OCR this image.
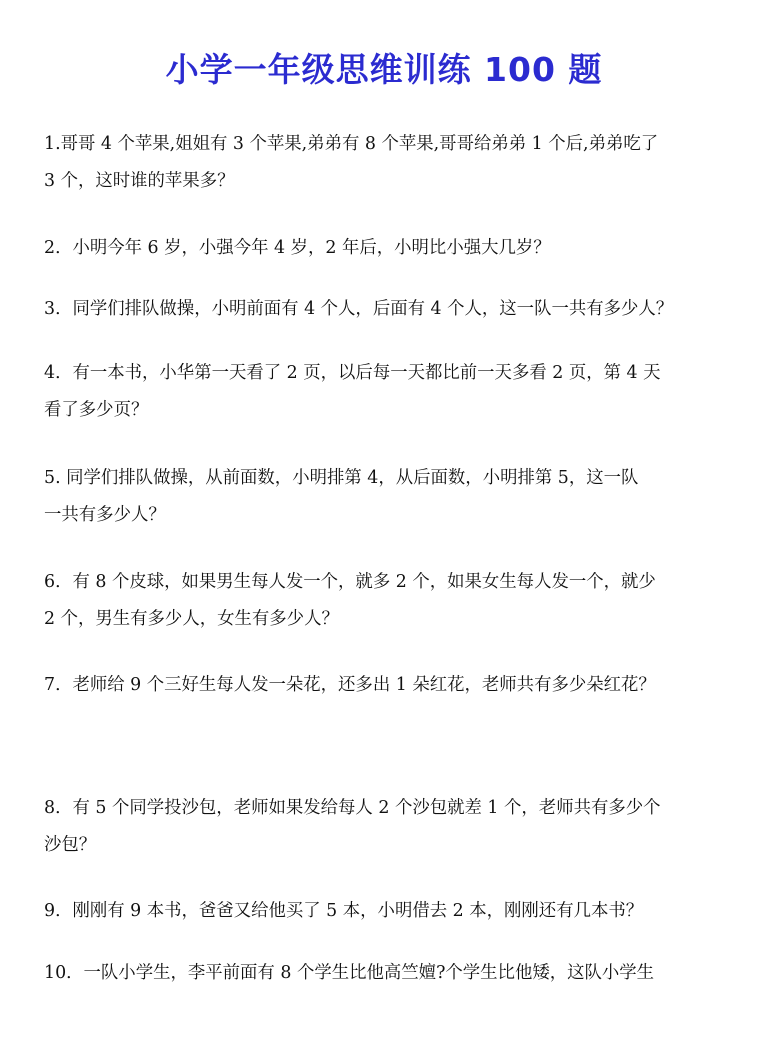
小学一年级思维训练 100 题
1.哥哥 4 个苹果,姐姐有 3 个苹果,弟弟有 8 个苹果,哥哥给弟弟 1 个后,弟弟吃了
3 个，这时谁的苹果多？
2．小明今年 6 岁，小强今年 4 岁，2 年后，小明比小强大几岁？
3．同学们排队做操，小明前面有 4 个人，后面有 4 个人，这一队一共有多少人？
4．有一本书，小华第一天看了 2 页，以后每一天都比前一天多看 2 页，第 4 天
看了多少页？
5. 同学们排队做操，从前面数，小明排第 4，从后面数，小明排第 5，这一队
一共有多少人？
6．有 8 个皮球，如果男生每人发一个，就多 2 个，如果女生每人发一个，就少
2 个，男生有多少人，女生有多少人？
7．老师给 9 个三好生每人发一朵花，还多出 1 朵红花，老师共有多少朵红花？
8．有 5 个同学投沙包，老师如果发给每人 2 个沙包就差 1 个，老师共有多少个
沙包？
9．刚刚有 9 本书，爸爸又给他买了 5 本，小明借去 2 本，刚刚还有几本书？
10．一队小学生，李平前面有 8 个学生比他高竺嬗?个学生比他矮，这队小学生
